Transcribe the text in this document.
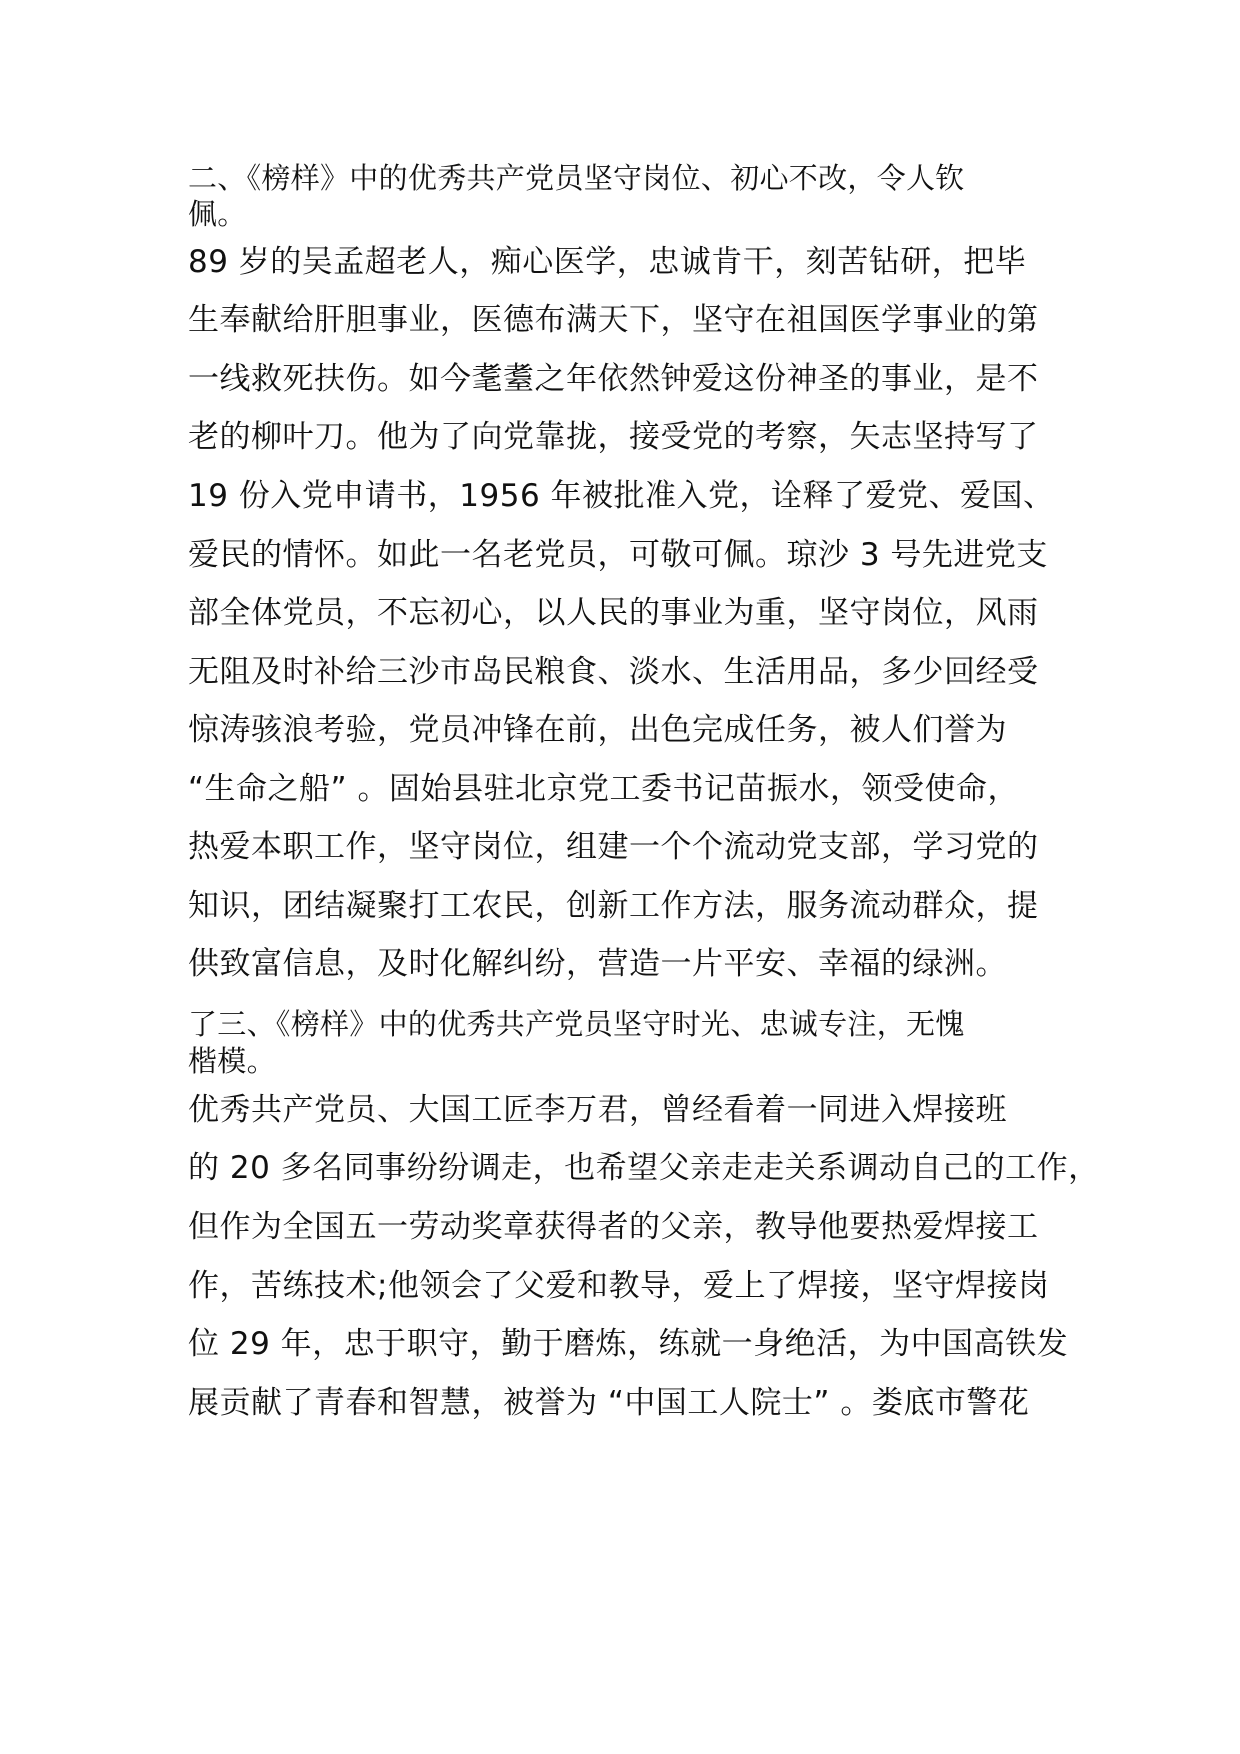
二、《榜样》中的优秀共产党员坚守岗位、初心不改，令人钦
佩。
89 岁的吴孟超老人，痴心医学，忠诚肯干，刻苦钻研，把毕
生奉献给肝胆事业，医德布满天下，坚守在祖国医学事业的第
一线救死扶伤。如今耄耋之年依然钟爱这份神圣的事业，是不
老的柳叶刀。他为了向党靠拢，接受党的考察，矢志坚持写了
19 份入党申请书，1956 年被批准入党，诠释了爱党、爱国、
爱民的情怀。如此一名老党员，可敬可佩。琼沙 3 号先进党支
部全体党员，不忘初心，以人民的事业为重，坚守岗位，风雨
无阻及时补给三沙市岛民粮食、淡水、生活用品，多少回经受
惊涛骇浪考验，党员冲锋在前，出色完成任务，被人们誉为
“生命之船” 。固始县驻北京党工委书记苗振水，领受使命，
热爱本职工作，坚守岗位，组建一个个流动党支部，学习党的
知识，团结凝聚打工农民，创新工作方法，服务流动群众，提
供致富信息，及时化解纠纷，营造一片平安、幸福的绿洲。
了三、《榜样》中的优秀共产党员坚守时光、忠诚专注，无愧
楷模。
优秀共产党员、大国工匠李万君，曾经看着一同进入焊接班
的 20 多名同事纷纷调走，也希望父亲走走关系调动自己的工作，
但作为全国五一劳动奖章获得者的父亲，教导他要热爱焊接工
作，苦练技术;他领会了父爱和教导，爱上了焊接，坚守焊接岗
位 29 年，忠于职守，勤于磨炼，练就一身绝活，为中国高铁发
展贡献了青春和智慧，被誉为 “中国工人院士” 。娄底市警花
